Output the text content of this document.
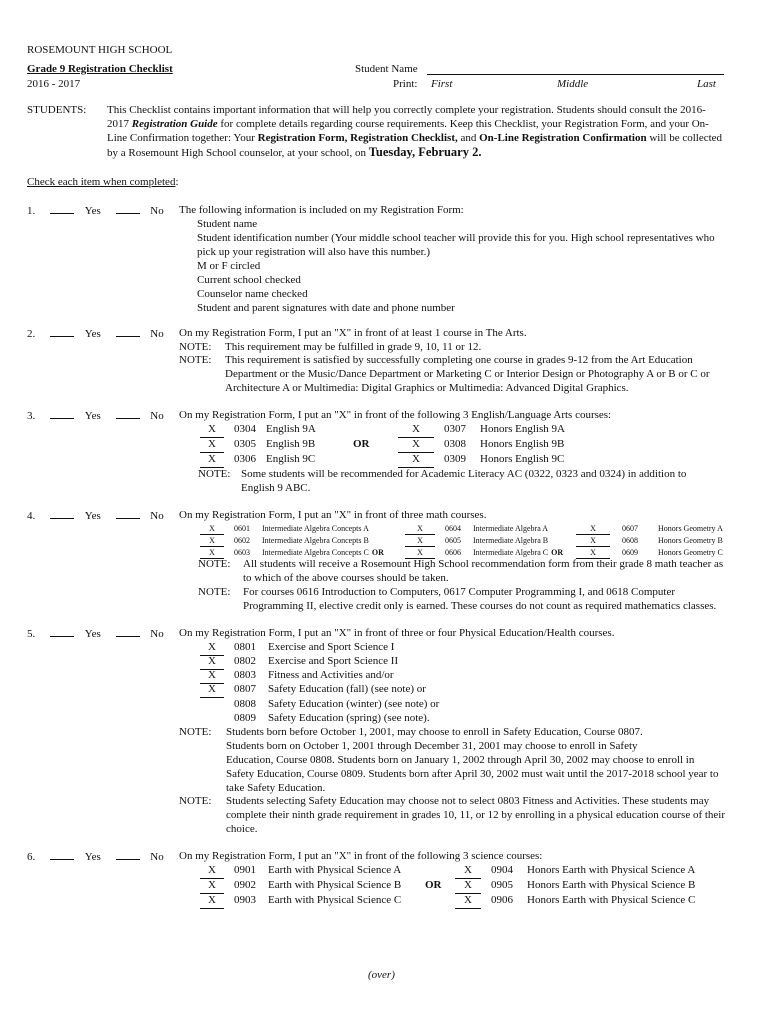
ROSEMOUNT HIGH SCHOOL
Grade 9 Registration Checklist
2016 - 2017
Student Name
Print: First	Middle	Last
STUDENTS: This Checklist contains important information that will help you correctly complete your registration. Students should consult the 2016-
2017 Registration Guide for complete details regarding course requirements. Keep this Checklist, your Registration Form, and your On-
Line Confirmation together: Your Registration Form, Registration Checklist, and On-Line Registration Confirmation will be collected
by a Rosemount High School counselor, at your school, on Tuesday, February 2.
Check each item when completed:
1.	Yes	No The following information is included on my Registration Form:
Student name
Student identification number (Your middle school teacher will provide this for you. High school representatives who
pick up your registration will also have this number.)
M or F circled
Current school checked
Counselor name checked
Student and parent signatures with date and phone number
2.	Yes	No On my Registration Form, I put an "X" in front of at least 1 course in The Arts.
NOTE: This requirement may be fulfilled in grade 9, 10, 11 or 12.
NOTE: This requirement is satisfied by successfully completing one course in grades 9-12 from the Art Education
Department or the Music/Dance Department or Marketing C or Interior Design or Photography A or B or C or
Architecture A or Multimedia: Digital Graphics or Multimedia: Advanced Digital Graphics.
3.	Yes	No On my Registration Form, I put an "X" in front of the following 3 English/Language Arts courses:
X 0304 English 9A
X 0305 English 9B
X 0306 English 9C
OR
X 0307 Honors English 9A
X 0308 Honors English 9B
X 0309 Honors English 9C
NOTE: Some students will be recommended for Academic Literacy AC (0322, 0323 and 0324) in addition to
English 9 ABC.
4.	Yes	No On my Registration Form, I put an "X" in front of three math courses.
X 0601 Intermediate Algebra Concepts A
X 0602 Intermediate Algebra Concepts B
X 0603 Intermediate Algebra Concepts C OR
X	0604 Intermediate Algebra A
X	0605 Intermediate Algebra B
X	0606 Intermediate Algebra C OR
X	0607	Honors Geometry A
X	0608	Honors Geometry B
X	0609	Honors Geometry C
NOTE: All students will receive a Rosemount High School recommendation form from their grade 8 math teacher as
to which of the above courses should be taken.
NOTE: For courses 0616 Introduction to Computers, 0617 Computer Programming I, and 0618 Computer
Programming II, elective credit only is earned. These courses do not count as required mathematics classes.
5.	Yes	No On my Registration Form, I put an "X" in front of three or four Physical Education/Health courses.
X 0801 Exercise and Sport Science I
X 0802 Exercise and Sport Science II
X 0803 Fitness and Activities and/or
X 0807 Safety Education (fall) (see note) or
0808 Safety Education (winter) (see note) or
0809 Safety Education (spring) (see note).
NOTE: Students born before October 1, 2001, may choose to enroll in Safety Education, Course 0807.
Students born on October 1, 2001 through December 31, 2001 may choose to enroll in Safety
Education, Course 0808. Students born on January 1, 2002 through April 30, 2002 may choose to enroll in
Safety Education, Course 0809. Students born after April 30, 2002 must wait until the 2017-2018 school year to
take Safety Education.
NOTE: Students selecting Safety Education may choose not to select 0803 Fitness and Activities. These students may
complete their ninth grade requirement in grades 10, 11, or 12 by enrolling in a physical education course of their
choice.
6.	Yes	No On my Registration Form, I put an "X" in front of the following 3 science courses:
X 0901 Earth with Physical Science A
X 0902 Earth with Physical Science B
X 0903 Earth with Physical Science C
OR
X 0904 Honors Earth with Physical Science A
X 0905 Honors Earth with Physical Science B
X 0906 Honors Earth with Physical Science C
(over)
